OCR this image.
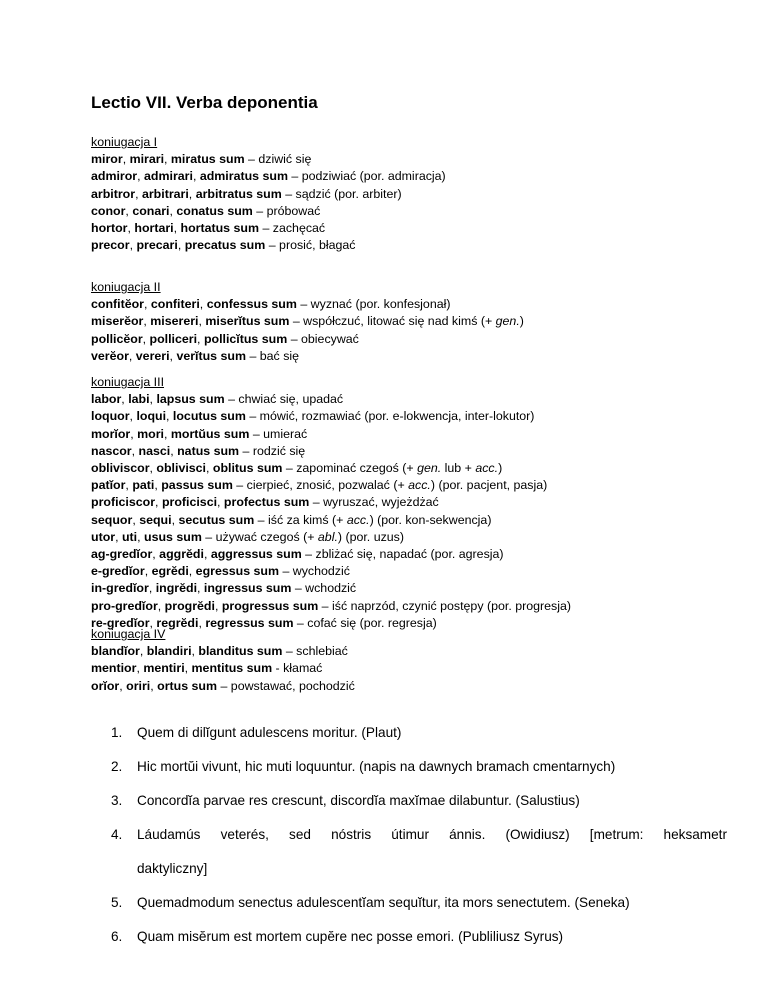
Lectio VII. Verba deponentia
koniugacja I
miror, mirari, miratus sum – dziwić się
admiror, admirari, admiratus sum – podziwiać (por. admiracja)
arbitror, arbitrari, arbitratus sum – sądzić (por. arbiter)
conor, conari, conatus sum – próbować
hortor, hortari, hortatus sum – zachęcać
precor, precari, precatus sum – prosić, błagać
koniugacja II
confitĕor, confiteri, confessus sum – wyznać (por. konfesjonał)
miserĕor, misereri, miserĭtus sum – współczuć, litować się nad kimś (+ gen.)
pollicĕor, polliceri, pollicĭtus sum – obiecywać
verĕor, vereri, verĭtus sum – bać się
koniugacja III
labor, labi, lapsus sum – chwiać się, upadać
loquor, loqui, locutus sum – mówić, rozmawiać (por. e-lokwencja, inter-lokutor)
morĭor, mori, mortŭus sum – umierać
nascor, nasci, natus sum – rodzić się
obliviscor, oblivisci, oblitus sum – zapominać czegoś (+ gen. lub + acc.)
patĭor, pati, passus sum – cierpieć, znosić, pozwalać (+ acc.) (por. pacjent, pasja)
proficiscor, proficisci, profectus sum – wyruszać, wyjeżdżać
sequor, sequi, secutus sum – iść za kimś (+ acc.) (por. kon-sekwencja)
utor, uti, usus sum – używać czegoś (+ abl.) (por. uzus)
ag-gredĭor, aggrĕdi, aggressus sum – zbliżać się, napadać (por. agresja)
e-gredĭor, egrĕdi, egressus sum – wychodzić
in-gredĭor, ingrĕdi, ingressus sum – wchodzić
pro-gredĭor, progrĕdi, progressus sum – iść naprzód, czynić postępy (por. progresja)
re-gredĭor, regrĕdi, regressus sum – cofać się (por. regresja)
koniugacja IV
blandĭor, blandiri, blanditus sum – schlebiać
mentior, mentiri, mentitus sum - kłamać
orĭor, oriri, ortus sum – powstawać, pochodzić
1.	Quem di dilĭgunt adulescens moritur. (Plaut)
2.	Hic mortŭi vivunt, hic muti loquuntur. (napis na dawnych bramach cmentarnych)
3.	Concordĭa parvae res crescunt, discordĭa maxĭmae dilabuntur. (Salustius)
4.	Láudamús veterés, sed nóstris útimur ánnis. (Owidiusz) [metrum: heksametr
daktyliczny]
5.	Quemadmodum senectus adulescentĭam sequĭtur, ita mors senectutem. (Seneka)
6.	Quam misĕrum est mortem cupĕre nec posse emori. (Publiliusz Syrus)
